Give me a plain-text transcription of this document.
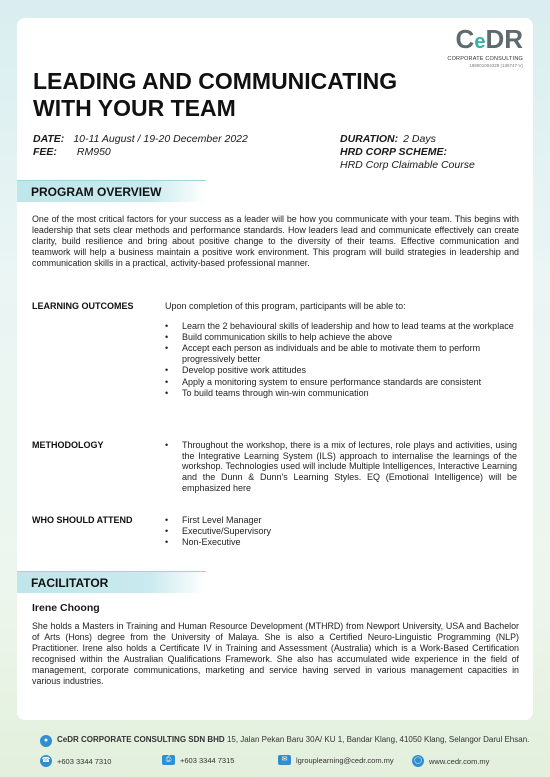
CeDR
CORPORATE CONSULTING
199001004328 (136747-V)
LEADING AND COMMUNICATING
WITH YOUR TEAM
DATE: 10-11 August / 19-20 December 2022
FEE: RM950
DURATION: 2 Days
HRD CORP SCHEME:
HRD Corp Claimable Course
PROGRAM OVERVIEW
One of the most critical factors for your success as a leader will be how you communicate with your team. This begins with leadership that sets clear methods and performance standards. How leaders lead and communicate effectively can create clarity, build resilience and bring about positive change to the diversity of their teams. Effective communication and teamwork will help a business maintain a positive work environment. This program will build strategies in leadership and communication skills in a practical, activity-based professional manner.
LEARNING OUTCOMES	Upon completion of this program, participants will be able to:
• Learn the 2 behavioural skills of leadership and how to lead teams at the workplace
• Build communication skills to help achieve the above
• Accept each person as individuals and be able to motivate them to perform progressively better
• Develop positive work attitudes
• Apply a monitoring system to ensure performance standards are consistent
• To build teams through win-win communication
METHODOLOGY	• Throughout the workshop, there is a mix of lectures, role plays and activities, using the Integrative Learning System (ILS) approach to internalise the learnings of the workshop. Technologies used will include Multiple Intelligences, Interactive Learning and the Dunn & Dunn's Learning Styles. EQ (Emotional Intelligence) will be emphasized here
WHO SHOULD ATTEND	• First Level Manager
• Executive/Supervisory
• Non-Executive
FACILITATOR
Irene Choong
She holds a Masters in Training and Human Resource Development (MTHRD) from Newport University, USA and Bachelor of Arts (Hons) degree from the University of Malaya. She is also a Certified Neuro-Linguistic Programming (NLP) Practitioner. Irene also holds a Certificate IV in Training and Assessment (Australia) which is a Work-Based Certification recognised within the Australian Qualifications Framework. She also has accumulated wide experience in the field of management, corporate communications, marketing and service having served in various management capacities in various industries.
● CeDR CORPORATE CONSULTING SDN BHD 15, Jalan Pekan Baru 30A/ KU 1, Bandar Klang, 41050 Klang, Selangor Darul Ehsan.
☎ +603 3344 7310	⎙	+603 3344 7315	✉	lgrouplearning@cedr.com.my	◯ www.cedr.com.my
